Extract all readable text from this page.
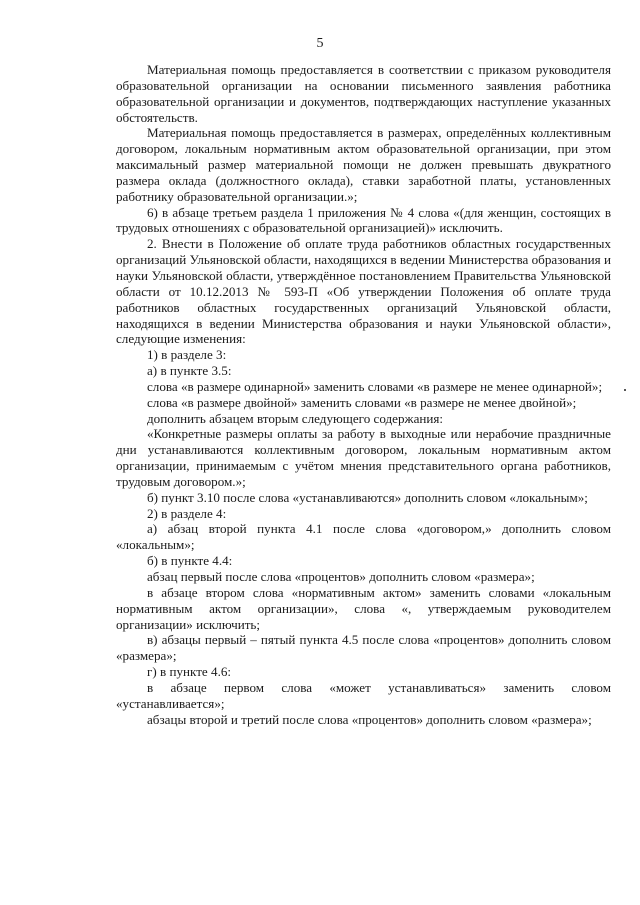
5

Материальная помощь предоставляется в соответствии с приказом руководителя образовательной организации на основании письменного заявления работника образовательной организации и документов, подтверждающих наступление указанных обстоятельств.

Материальная помощь предоставляется в размерах, определённых коллективным договором, локальным нормативным актом образовательной организации, при этом максимальный размер материальной помощи не должен превышать двукратного размера оклада (должностного оклада), ставки заработной платы, установленных работнику образовательной организации.»;

6) в абзаце третьем раздела 1 приложения № 4 слова «(для женщин, состоящих в трудовых отношениях с образовательной организацией)» исключить.

2. Внести в Положение об оплате труда работников областных государственных организаций Ульяновской области, находящихся в ведении Министерства образования и науки Ульяновской области, утверждённое постановлением Правительства Ульяновской области от 10.12.2013 № 593-П «Об утверждении Положения об оплате труда работников областных государственных организаций Ульяновской области, находящихся в ведении Министерства образования и науки Ульяновской области», следующие изменения:

1) в разделе 3:

а) в пункте 3.5:

слова «в размере одинарной» заменить словами «в размере не менее одинарной»;

слова «в размере двойной» заменить словами «в размере не менее двойной»;

дополнить абзацем вторым следующего содержания:

«Конкретные размеры оплаты за работу в выходные или нерабочие праздничные дни устанавливаются коллективным договором, локальным нормативным актом организации, принимаемым с учётом мнения представительного органа работников, трудовым договором.»;

б) пункт 3.10 после слова «устанавливаются» дополнить словом «локальным»;

2) в разделе 4:

а) абзац второй пункта 4.1 после слова «договором,» дополнить словом «локальным»;

б) в пункте 4.4:

абзац первый после слова «процентов» дополнить словом «размера»;

в абзаце втором слова «нормативным актом» заменить словами «локальным нормативным актом организации», слова «, утверждаемым руководителем организации» исключить;

в) абзацы первый – пятый пункта 4.5 после слова «процентов» дополнить словом «размера»;

г) в пункте 4.6:

в абзаце первом слова «может устанавливаться» заменить словом «устанавливается»;

абзацы второй и третий после слова «процентов» дополнить словом «размера»;
